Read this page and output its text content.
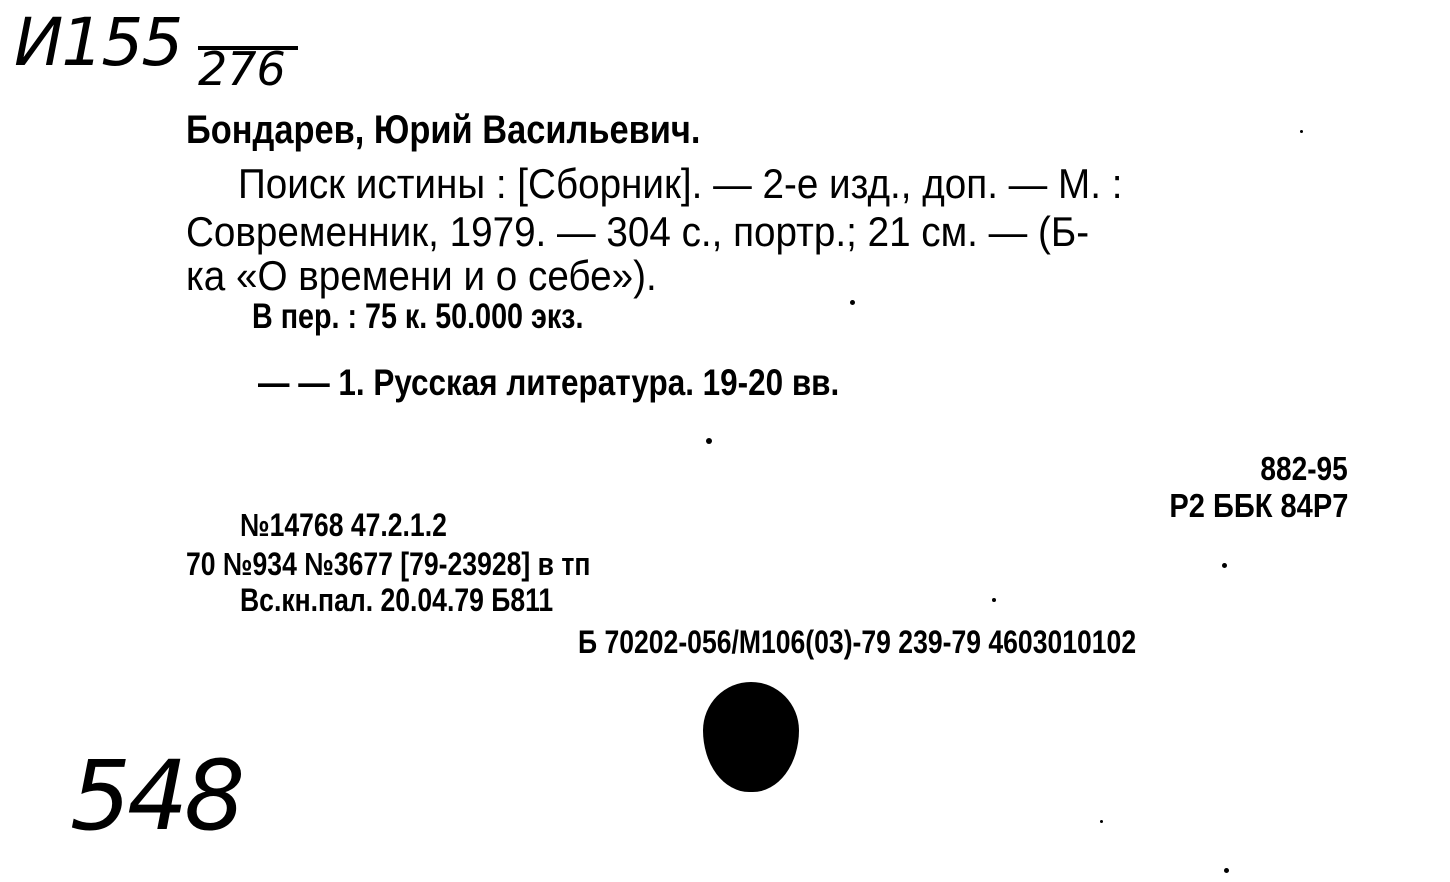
И155 276
Бондарев, Юрий Васильевич.
Поиск истины : [Сборник]. — 2-е изд., доп. — М. :
Современник, 1979. — 304 с., портр.; 21 см. — (Б-
ка «О времени и о себе»).
В пер. : 75 к. 50.000 экз.
— — 1. Русская литература. 19-20 вв.
882-95
Р2 ББК 84Р7
№14768 47.2.1.2
70 №934 №3677 [79-23928] в тп
Вс.кн.пал. 20.04.79 Б811
Б 70202-056/М106(03)-79 239-79 4603010102
548
